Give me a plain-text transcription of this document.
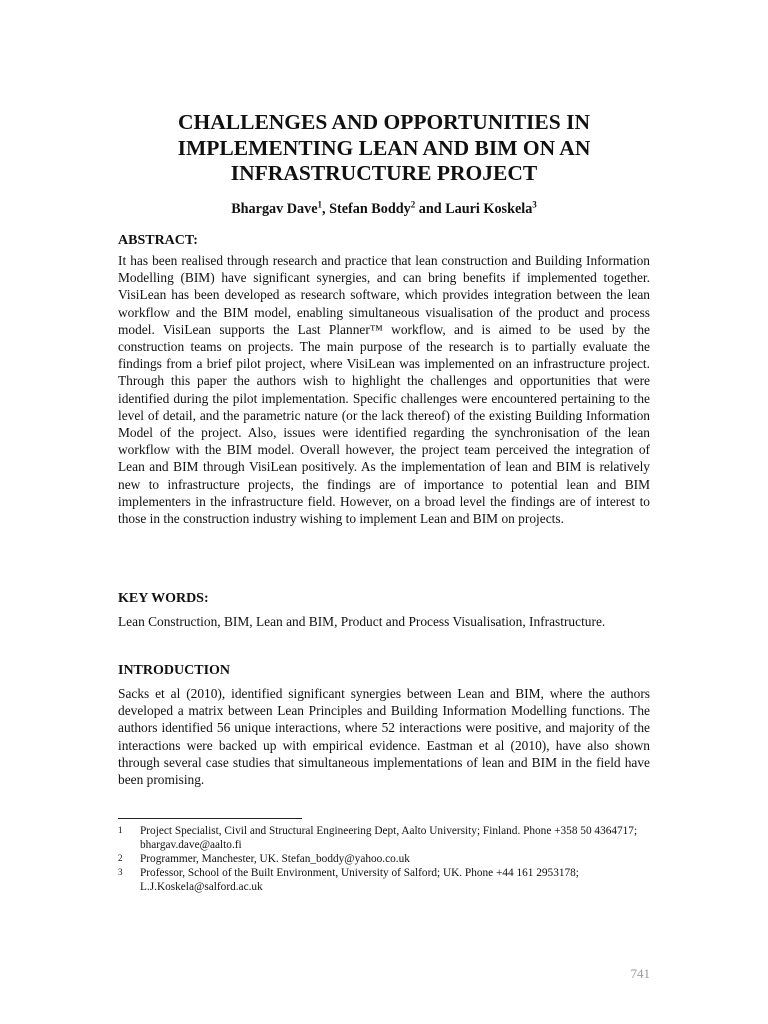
CHALLENGES AND OPPORTUNITIES IN IMPLEMENTING LEAN AND BIM ON AN INFRASTRUCTURE PROJECT
Bhargav Dave$^1$, Stefan Boddy$^2$ and Lauri Koskela$^3$
ABSTRACT:
It has been realised through research and practice that lean construction and Building Information Modelling (BIM) have significant synergies, and can bring benefits if implemented together. VisiLean has been developed as research software, which provides integration between the lean workflow and the BIM model, enabling simultaneous visualisation of the product and process model. VisiLean supports the Last Planner™ workflow, and is aimed to be used by the construction teams on projects. The main purpose of the research is to partially evaluate the findings from a brief pilot project, where VisiLean was implemented on an infrastructure project. Through this paper the authors wish to highlight the challenges and opportunities that were identified during the pilot implementation. Specific challenges were encountered pertaining to the level of detail, and the parametric nature (or the lack thereof) of the existing Building Information Model of the project. Also, issues were identified regarding the synchronisation of the lean workflow with the BIM model. Overall however, the project team perceived the integration of Lean and BIM through VisiLean positively. As the implementation of lean and BIM is relatively new to infrastructure projects, the findings are of importance to potential lean and BIM implementers in the infrastructure field. However, on a broad level the findings are of interest to those in the construction industry wishing to implement Lean and BIM on projects.
KEY WORDS:
Lean Construction, BIM, Lean and BIM, Product and Process Visualisation, Infrastructure.
INTRODUCTION
Sacks et al (2010), identified significant synergies between Lean and BIM, where the authors developed a matrix between Lean Principles and Building Information Modelling functions. The authors identified 56 unique interactions, where 52 interactions were positive, and majority of the interactions were backed up with empirical evidence. Eastman et al (2010), have also shown through several case studies that simultaneous implementations of lean and BIM in the field have been promising.
1	Project Specialist, Civil and Structural Engineering Dept, Aalto University; Finland. Phone +358 50 4364717; bhargav.dave@aalto.fi
2	Programmer, Manchester, UK. Stefan_boddy@yahoo.co.uk
3	Professor, School of the Built Environment, University of Salford; UK. Phone +44 161 2953178; L.J.Koskela@salford.ac.uk
741
